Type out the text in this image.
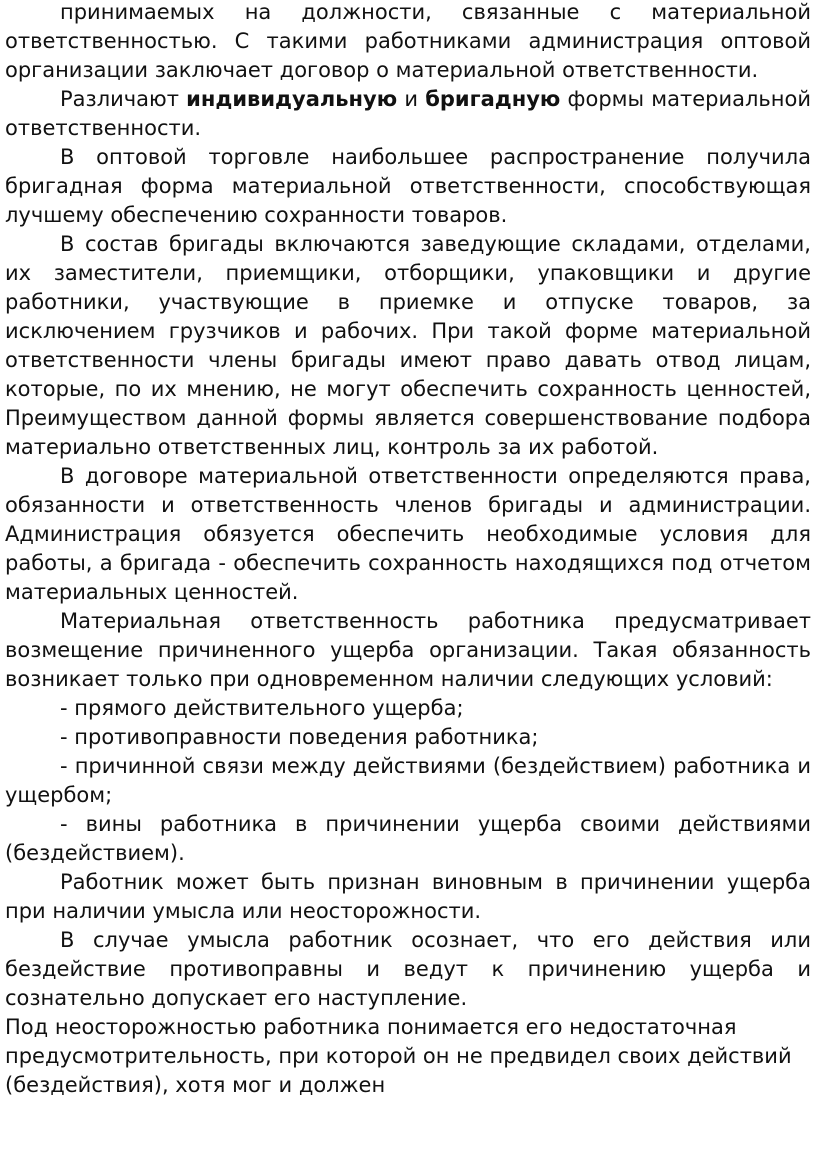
принимаемых на должности, связанные с материальной ответственностью. С такими работниками администрация оптовой организации заключает договор о материальной ответственности.

Различают индивидуальную и бригадную формы материальной ответственности.

В оптовой торговле наибольшее распространение получила бригадная форма материальной ответственности, способствующая лучшему обеспечению сохранности товаров.

В состав бригады включаются заведующие складами, отделами, их заместители, приемщики, отборщики, упаковщики и другие работники, участвующие в приемке и отпуске товаров, за исключением грузчиков и рабочих. При такой форме материальной ответственности члены бригады имеют право давать отвод лицам, которые, по их мнению, не могут обеспечить сохранность ценностей, Преимуществом данной формы является совершенствование подбора материально ответственных лиц, контроль за их работой.

В договоре материальной ответственности определяются права, обязанности и ответственность членов бригады и администрации. Администрация обязуется обеспечить необходимые условия для работы, а бригада - обеспечить сохранность находящихся под отчетом материальных ценностей.

Материальная ответственность работника предусматривает возмещение причиненного ущерба организации. Такая обязанность возникает только при одновременном наличии следующих условий:

- прямого действительного ущерба;

- противоправности поведения работника;

- причинной связи между действиями (бездействием) работника и ущербом;

- вины работника в причинении ущерба своими действиями (бездействием).

Работник может быть признан виновным в причинении ущерба при наличии умысла или неосторожности.

В случае умысла работник осознает, что его действия или бездействие противоправны и ведут к причинению ущерба и сознательно допускает его наступление.

Под неосторожностью работника понимается его недостаточная предусмотрительность, при которой он не предвидел своих действий (бездействия), хотя мог и должен
